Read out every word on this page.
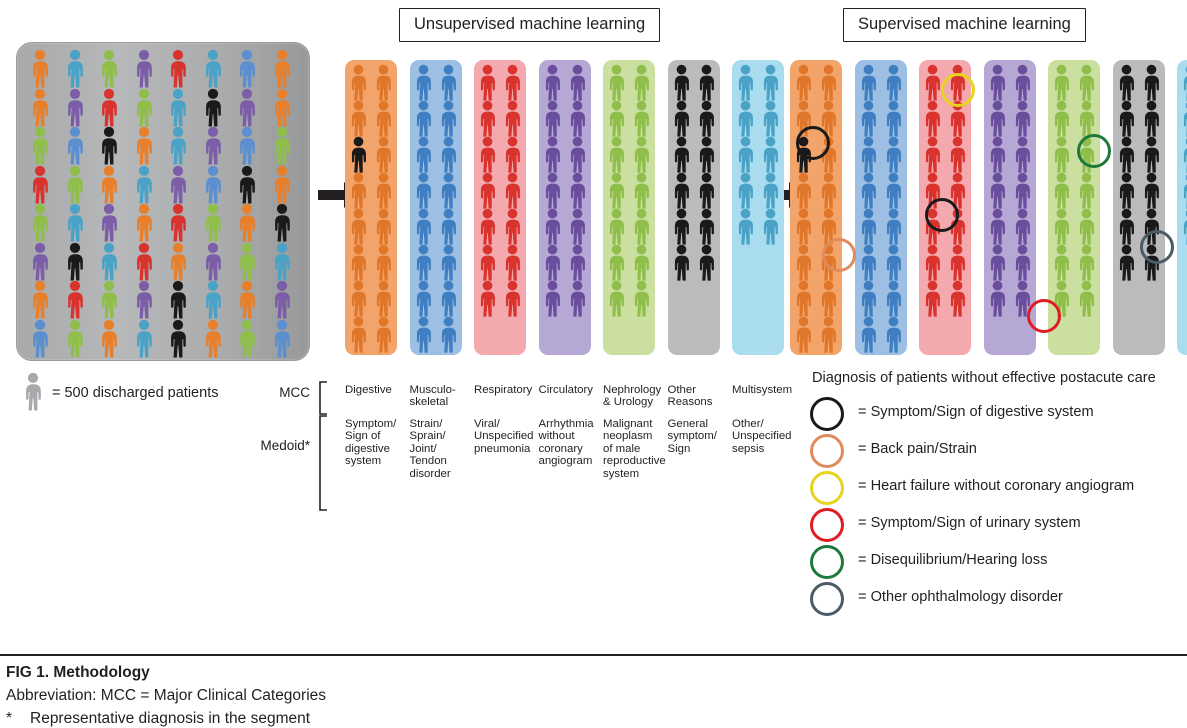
Unsupervised machine learning	Supervised machine learning
= 500 discharged patients	MCC
Medoid*
Digestive
Symptom/ Sign of digestive system
Musculo-skeletal
Strain/ Sprain/ Joint/ Tendon disorder
Respiratory
Viral/ Unspecified pneumonia
Circulatory
Arrhythmia without coronary angiogram
Nephrology & Urology
Malignant neoplasm of male reproductive system
Other Reasons
General symptom/ Sign
Multisystem
Other/ Unspecified sepsis
Diagnosis of patients without effective postacute care
= Symptom/Sign of digestive system
= Back pain/Strain
= Heart failure without coronary angiogram
= Symptom/Sign of urinary system
= Disequilibrium/Hearing loss
= Other ophthalmology disorder
FIG 1. Methodology
Abbreviation: MCC = Major Clinical Categories
* Representative diagnosis in the segment
